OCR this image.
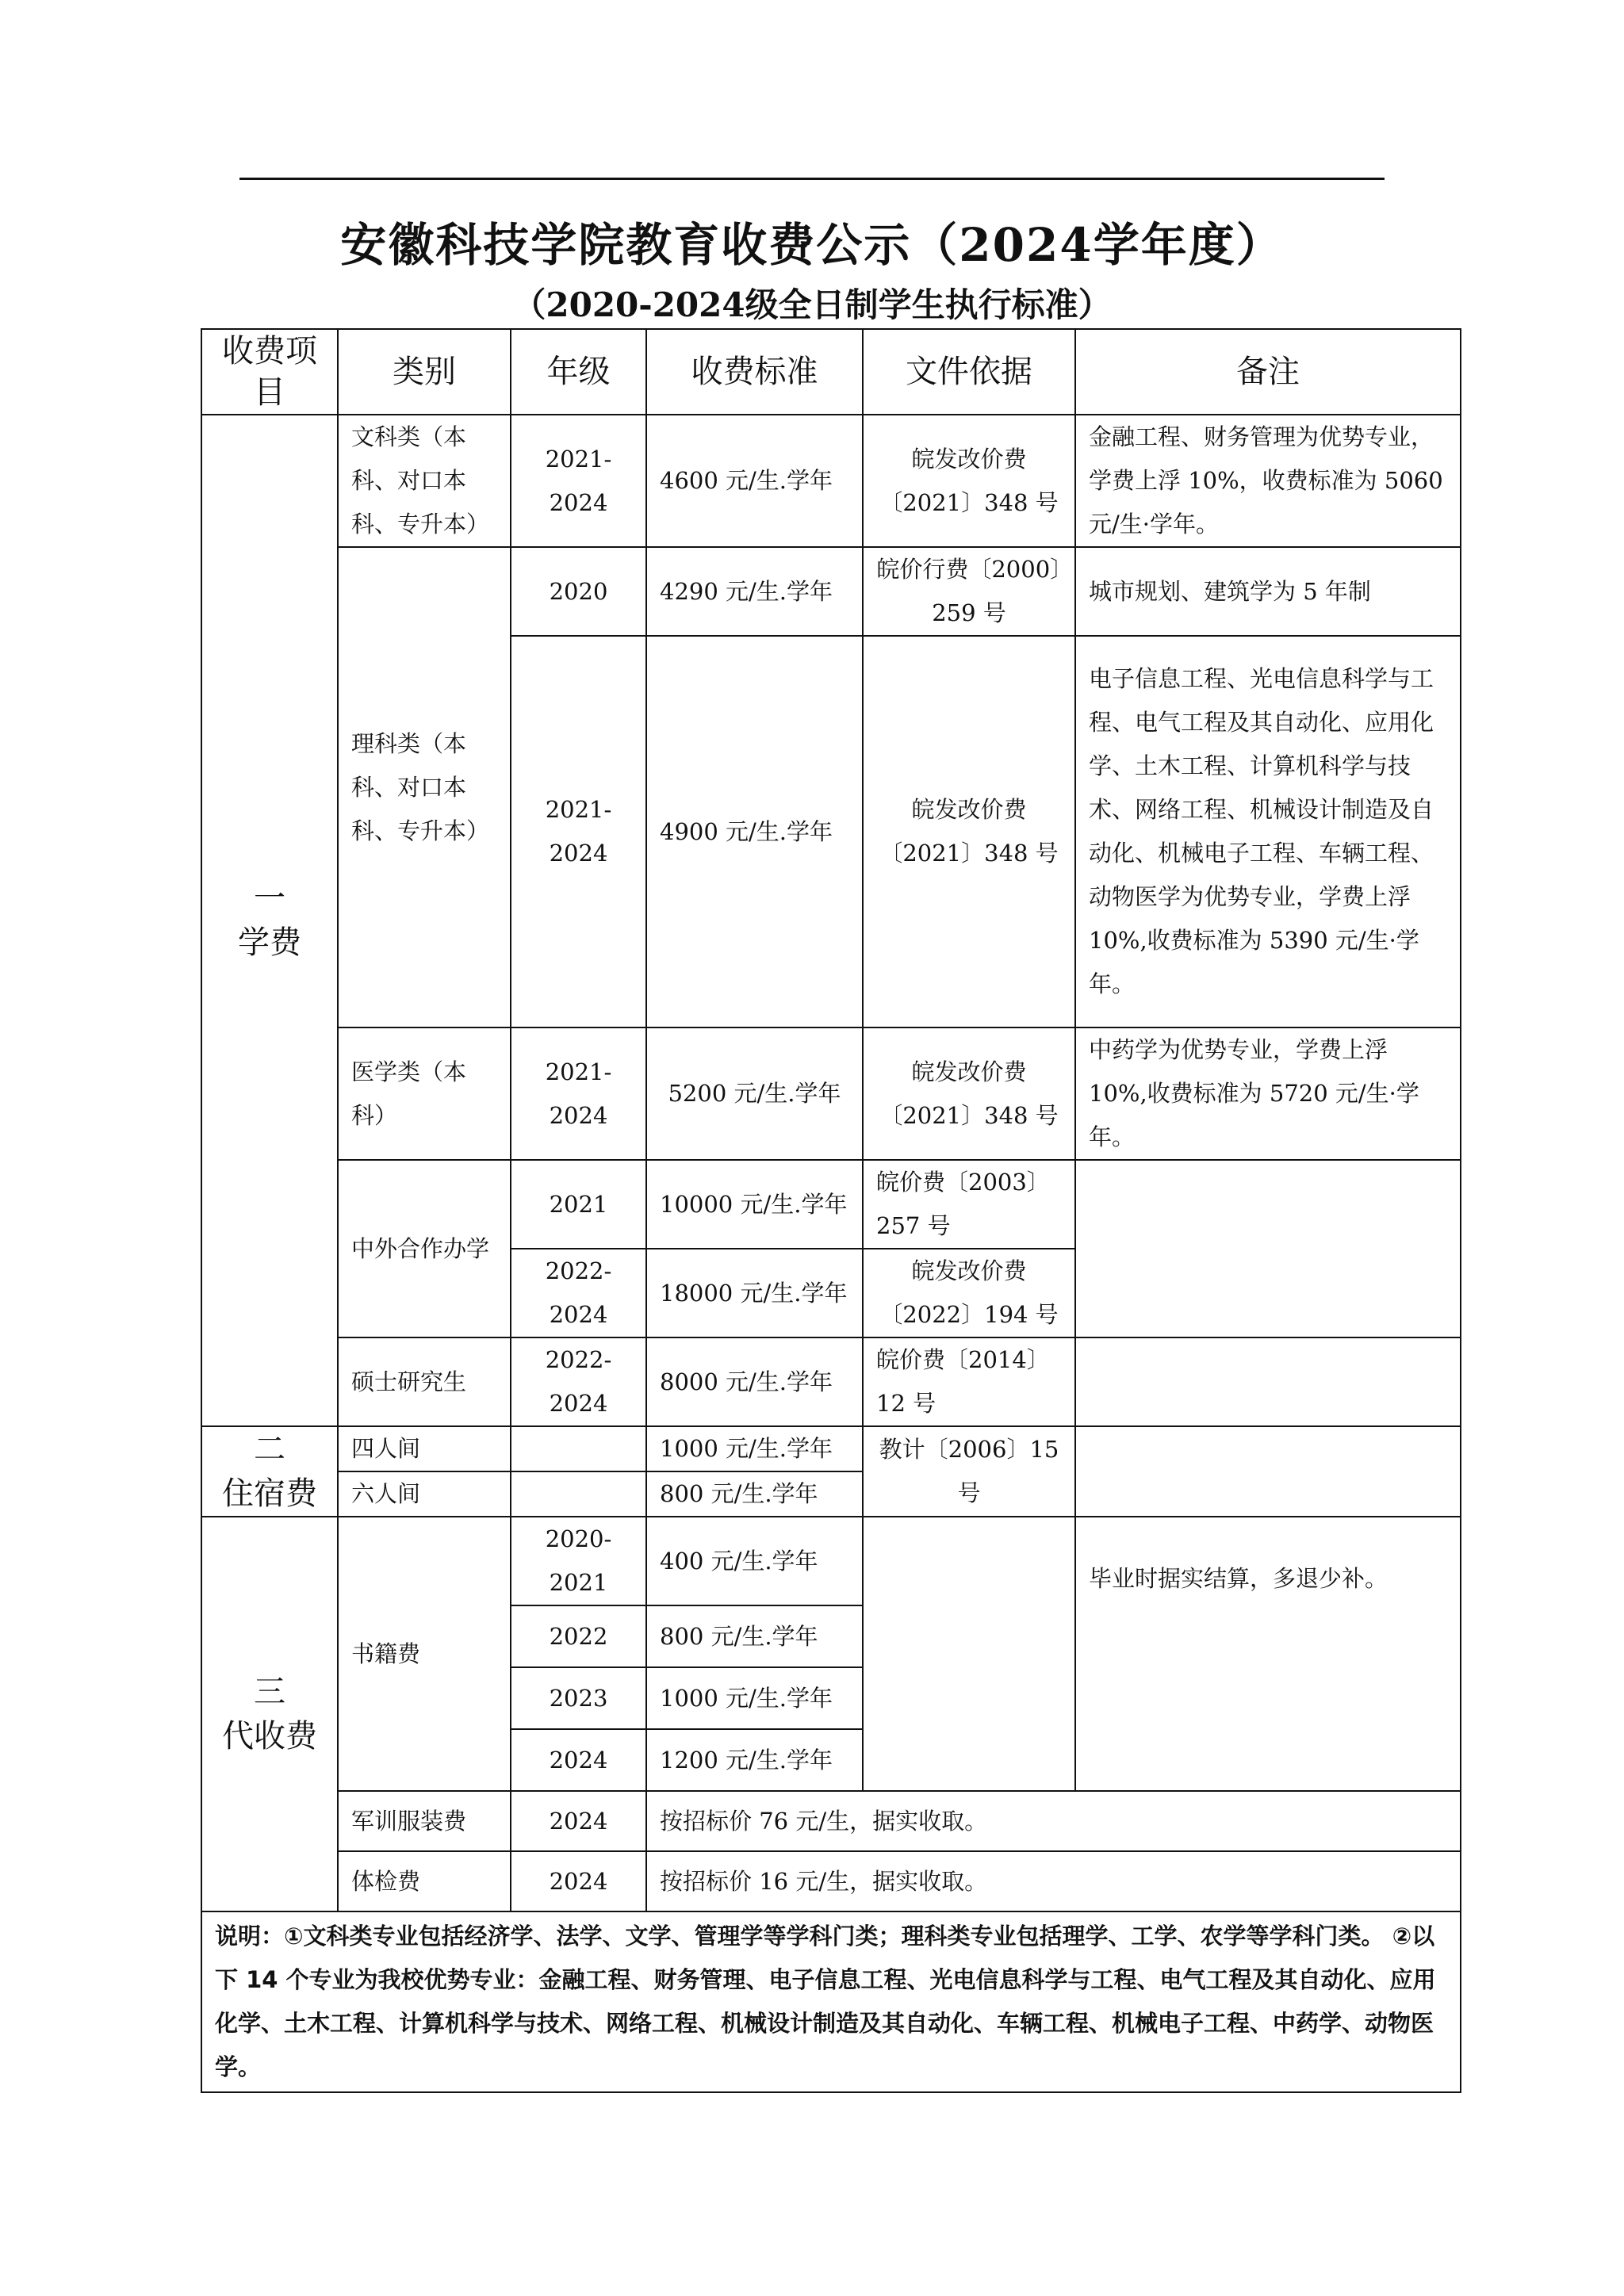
安徽科技学院教育收费公示（2024学年度）
（2020-2024级全日制学生执行标准）
收费项目	类别	年级	收费标准	文件依据	备注

一
学费	文科类（本科、对口本科、专升本）	2021-2024	4600 元/生.学年	皖发改价费〔2021〕348 号	金融工程、财务管理为优势专业，学费上浮 10%，收费标准为 5060 元/生·学年。
	理科类（本科、对口本科、专升本）	2020	4290 元/生.学年	皖价行费〔2000〕259 号	城市规划、建筑学为 5 年制
		2021-2024	4900 元/生.学年	皖发改价费〔2021〕348 号	电子信息工程、光电信息科学与工程、电气工程及其自动化、应用化学、土木工程、计算机科学与技术、网络工程、机械设计制造及自动化、机械电子工程、车辆工程、动物医学为优势专业，学费上浮 10%,收费标准为 5390 元/生·学年。
	医学类（本科）	2021-2024	5200 元/生.学年	皖发改价费〔2021〕348 号	中药学为优势专业，学费上浮 10%,收费标准为 5720 元/生·学年。
	中外合作办学	2021	10000 元/生.学年	皖价费〔2003〕257 号	
		2022-2024	18000 元/生.学年	皖发改价费〔2022〕194 号	
	硕士研究生	2022-2024	8000 元/生.学年	皖价费〔2014〕12 号	

二
住宿费	四人间		1000 元/生.学年	教计〔2006〕15 号	
	六人间		800 元/生.学年		

三
代收费	书籍费	2020-2021	400 元/生.学年		毕业时据实结算，多退少补。
		2022	800 元/生.学年		
		2023	1000 元/生.学年		
		2024	1200 元/生.学年		
	军训服装费	2024	按招标价 76 元/生，据实收取。		
	体检费	2024	按招标价 16 元/生，据实收取。		
说明：①文科类专业包括经济学、法学、文学、管理学等学科门类；理科类专业包括理学、工学、农学等学科门类。 ②以下 14 个专业为我校优势专业：金融工程、财务管理、电子信息工程、光电信息科学与工程、电气工程及其自动化、应用化学、土木工程、计算机科学与技术、网络工程、机械设计制造及其自动化、车辆工程、机械电子工程、中药学、动物医学。					
